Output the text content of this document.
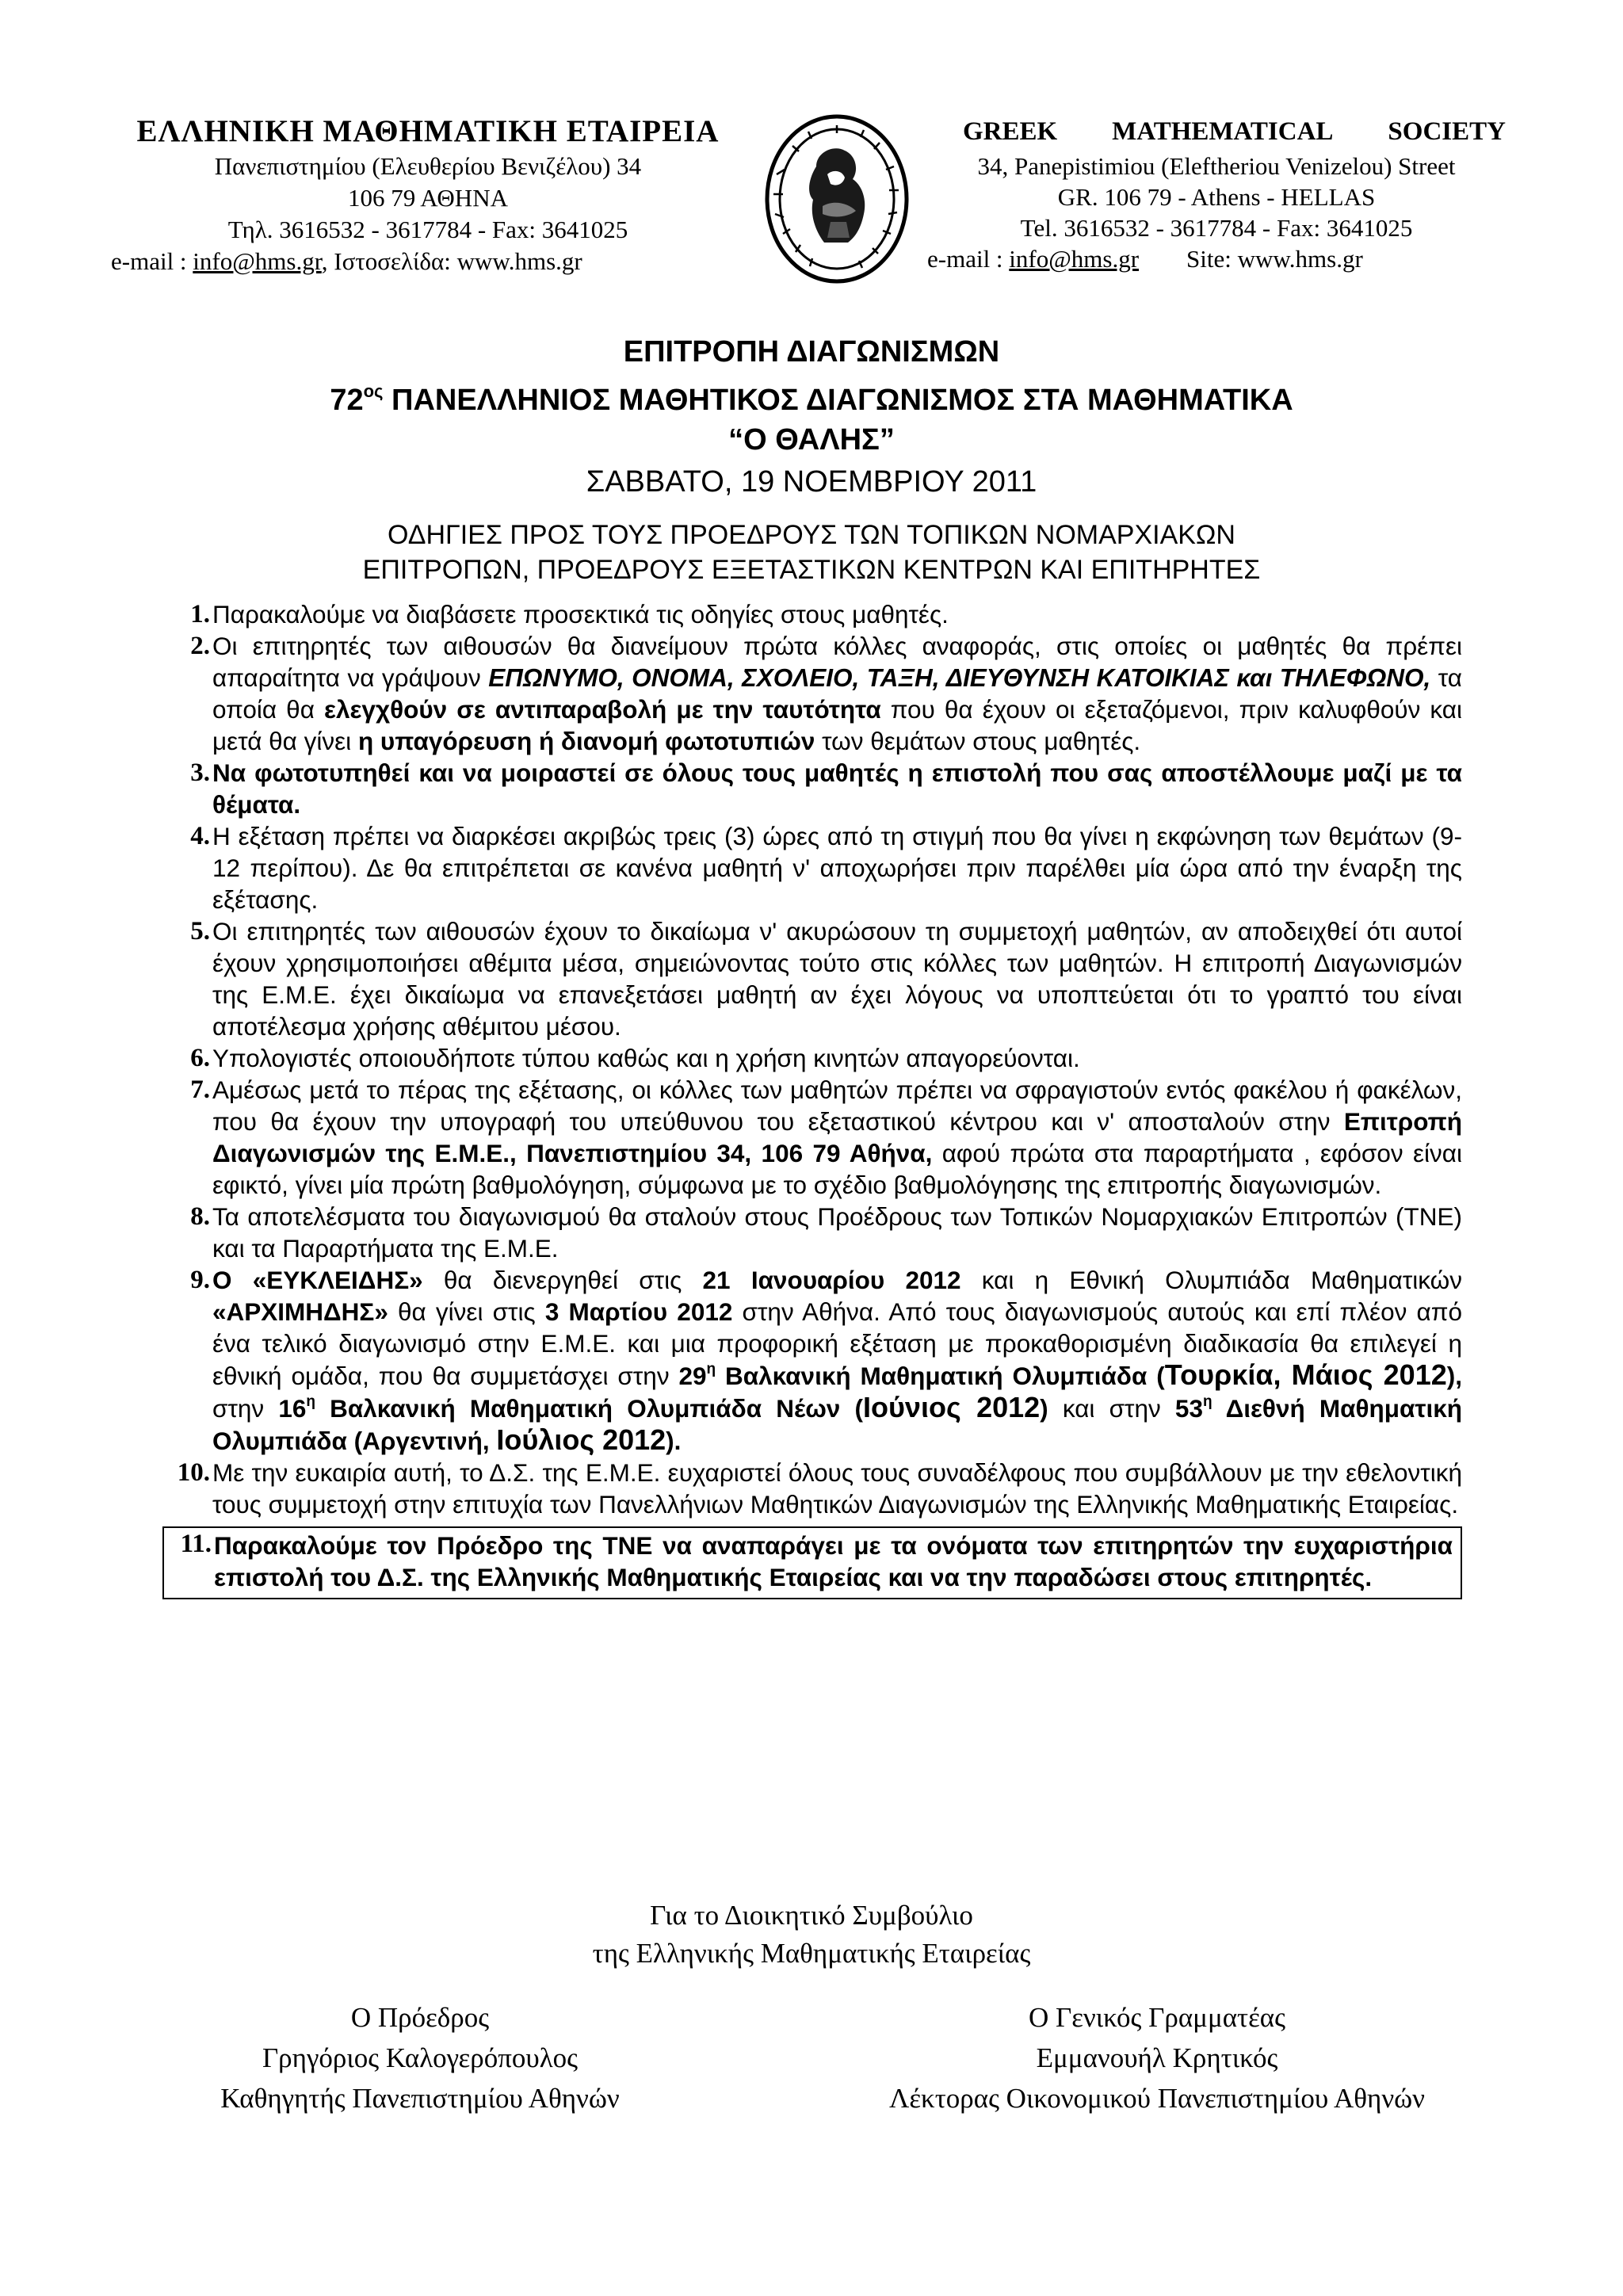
ΕΛΛΗΝΙΚΗ ΜΑΘΗΜΑΤΙΚΗ ΕΤΑΙΡΕΙΑ
Πανεπιστημίου (Ελευθερίου Βενιζέλου) 34
106 79 ΑΘΗΝΑ
Τηλ. 3616532 - 3617784 - Fax: 3641025
e-mail : info@hms.gr, Ιστοσελίδα: www.hms.gr
GREEK MATHEMATICAL SOCIETY
34, Panepistimiou (Eleftheriou Venizelou) Street
GR. 106 79 - Athens - HELLAS
Tel. 3616532 - 3617784 - Fax: 3641025
e-mail : info@hms.gr Site: www.hms.gr
ΕΠΙΤΡΟΠΗ ΔΙΑΓΩΝΙΣΜΩΝ
$72^{o\varsigma}$ ΠΑΝΕΛΛΗΝΙΟΣ ΜΑΘΗΤΙΚΟΣ ΔΙΑΓΩΝΙΣΜΟΣ ΣΤΑ ΜΑΘΗΜΑΤΙΚΑ
“Ο ΘΑΛΗΣ”
ΣΑΒΒΑΤΟ, 19 ΝΟΕΜΒΡΙΟΥ 2011
ΟΔΗΓΙΕΣ ΠΡΟΣ ΤΟΥΣ ΠΡΟΕΔΡΟΥΣ ΤΩΝ ΤΟΠΙΚΩΝ ΝΟΜΑΡΧΙΑΚΩΝ
ΕΠΙΤΡΟΠΩΝ, ΠΡΟΕΔΡΟΥΣ ΕΞΕΤΑΣΤΙΚΩΝ ΚΕΝΤΡΩΝ ΚΑΙ ΕΠΙΤΗΡΗΤΕΣ
1. Παρακαλούμε να διαβάσετε προσεκτικά τις οδηγίες στους μαθητές.
2. Οι επιτηρητές των αιθουσών θα διανείμουν πρώτα κόλλες αναφοράς, στις οποίες οι μαθητές θα πρέπει απαραίτητα να γράψουν ΕΠΩΝΥΜΟ, ΟΝΟΜΑ, ΣΧΟΛΕΙΟ, ΤΑΞΗ, ΔΙΕΥΘΥΝΣΗ ΚΑΤΟΙΚΙΑΣ και ΤΗΛΕΦΩΝΟ, τα οποία θα ελεγχθούν σε αντιπαραβολή με την ταυτότητα που θα έχουν οι εξεταζόμενοι, πριν καλυφθούν και μετά θα γίνει η υπαγόρευση ή διανομή φωτοτυπιών των θεμάτων στους μαθητές.
3. Να φωτοτυπηθεί και να μοιραστεί σε όλους τους μαθητές η επιστολή που σας αποστέλλουμε μαζί με τα θέματα.
4. Η εξέταση πρέπει να διαρκέσει ακριβώς τρεις (3) ώρες από τη στιγμή που θα γίνει η εκφώνηση των θεμάτων (9-12 περίπου). Δε θα επιτρέπεται σε κανένα μαθητή ν' αποχωρήσει πριν παρέλθει μία ώρα από την έναρξη της εξέτασης.
5. Οι επιτηρητές των αιθουσών έχουν το δικαίωμα ν' ακυρώσουν τη συμμετοχή μαθητών, αν αποδειχθεί ότι αυτοί έχουν χρησιμοποιήσει αθέμιτα μέσα, σημειώνοντας τούτο στις κόλλες των μαθητών. Η επιτροπή Διαγωνισμών της Ε.Μ.Ε. έχει δικαίωμα να επανεξετάσει μαθητή αν έχει λόγους να υποπτεύεται ότι το γραπτό του είναι αποτέλεσμα χρήσης αθέμιτου μέσου.
6. Υπολογιστές οποιουδήποτε τύπου καθώς και η χρήση κινητών απαγορεύονται.
7. Αμέσως μετά το πέρας της εξέτασης, οι κόλλες των μαθητών πρέπει να σφραγιστούν εντός φακέλου ή φακέλων, που θα έχουν την υπογραφή του υπεύθυνου του εξεταστικού κέντρου και ν' αποσταλούν στην Επιτροπή Διαγωνισμών της Ε.Μ.Ε., Πανεπιστημίου 34, 106 79 Αθήνα, αφού πρώτα στα παραρτήματα , εφόσον είναι εφικτό, γίνει μία πρώτη βαθμολόγηση, σύμφωνα με το σχέδιο βαθμολόγησης της επιτροπής διαγωνισμών.
8. Τα αποτελέσματα του διαγωνισμού θα σταλούν στους Προέδρους των Τοπικών Νομαρχιακών Επιτροπών (ΤΝΕ) και τα Παραρτήματα της Ε.Μ.Ε.
9. Ο «ΕΥΚΛΕΙΔΗΣ» θα διενεργηθεί στις 21 Ιανουαρίου 2012 και η Εθνική Ολυμπιάδα Μαθηματικών «ΑΡΧΙΜΗΔΗΣ» θα γίνει στις 3 Μαρτίου 2012 στην Αθήνα. Από τους διαγωνισμούς αυτούς και επί πλέον από ένα τελικό διαγωνισμό στην Ε.Μ.Ε. και μια προφορική εξέταση με προκαθορισμένη διαδικασία θα επιλεγεί η εθνική ομάδα, που θα συμμετάσχει στην $29^\eta$ Βαλκανική Μαθηματική Ολυμπιάδα (Τουρκία, Μάιος 2012), στην $16^\eta$ Βαλκανική Μαθηματική Ολυμπιάδα Νέων (Ιούνιος 2012) και στην $53^\eta$ Διεθνή Μαθηματική Ολυμπιάδα (Αργεντινή, Ιούλιος 2012).
10. Με την ευκαιρία αυτή, το Δ.Σ. της Ε.Μ.Ε. ευχαριστεί όλους τους συναδέλφους που συμβάλλουν με την εθελοντική τους συμμετοχή στην επιτυχία των Πανελλήνιων Μαθητικών Διαγωνισμών της Ελληνικής Μαθηματικής Εταιρείας.
11. Παρακαλούμε τον Πρόεδρο της ΤΝΕ να αναπαράγει με τα ονόματα των επιτηρητών την ευχαριστήρια επιστολή του Δ.Σ. της Ελληνικής Μαθηματικής Εταιρείας και να την παραδώσει στους επιτηρητές.
Για το Διοικητικό Συμβούλιο
της Ελληνικής Μαθηματικής Εταιρείας
Ο Πρόεδρος
Γρηγόριος Καλογερόπουλος
Καθηγητής Πανεπιστημίου Αθηνών
Ο Γενικός Γραμματέας
Εμμανουήλ Κρητικός
Λέκτορας Οικονομικού Πανεπιστημίου Αθηνών
